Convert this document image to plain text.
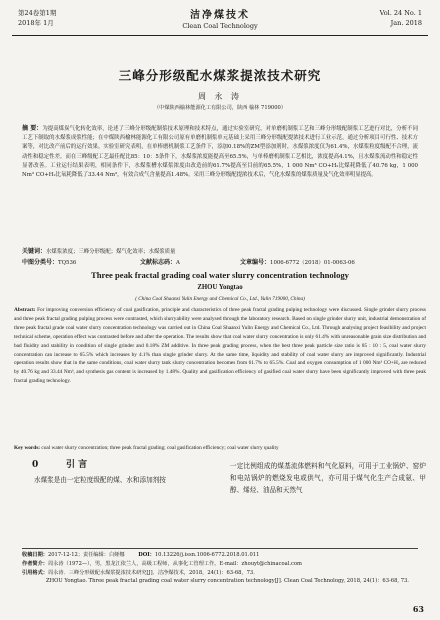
第24卷第1期
2018年 1月
洁净煤技术
Clean Coal Technology
Vol. 24 No. 1
Jan. 2018
三峰分形级配水煤浆提浓技术研究
周 永 涛
（中煤陕西榆林能源化工有限公司，陕西 榆林 719000）
摘 要：为提高煤炭气化转化效率，论述了三峰分形级配制浆技术原理和技术特点，通过实验室研究，对单磨机制浆工艺和三峰分形级配制浆工艺进行对比，分析不同工艺下制取的水煤浆成浆性能；在中煤陕西榆林能源化工有限公司原有单磨机制浆单元基础上采用三峰分形级配提浓技术进行工业示范，通过分析项目可行性、技术方案等，对比改产前后的运行效果。实验室研究表明，在单棒磨机制浆工艺条件下，添加0.18%的ZM型添加剂时，水煤浆浓度仅为61.4%，水煤浆粒度级配不合理，流动性和稳定性差。而在三峰级配工艺最佳配比85：10：5条件下，水煤浆浓度能提高至65.5%，与单棒磨机制浆工艺相比，浓度提高4.1%，且水煤浆流动性和稳定性显著改善。工业运行结果表明，相同条件下，水煤浆槽水煤浆浓度由改造前的61.7%提高至目前的65.5%，1 000 Nm³ CO+H₂比煤耗降低了40.76 kg，1 000 Nm³ CO+H₂比氧耗降低了33.44 Nm³，有效合成气含量提高1.48%。采用三峰分形级配提浓技术后，气化水煤浆的煤浆质量及气化效率明显提高。
关键词：水煤浆浓度；三峰分形级配；煤气化效率；水煤浆质量
中图分类号：TQ536	文献标志码：A	文章编号：1006-6772（2018）01-0063-06
Three peak fractal grading coal water slurry concentration technology
ZHOU Yongtao
( China Coal Shaanxi Yulin Energy and Chemical Co., Ltd., Yulin 719000, China)
Abstract: For improving conversion efficiency of coal gasification, principle and characteristics of three peak fractal grading pulping technology were discussed. Single grinder slurry process and three peak fractal grading pulping process were contrasted, which slurryability were analysed through the laboratory research. Based on single grinder slurry unit, industrial demonstration of three peak fractal grade coal water slurry concentration technology was carried out in China Coal Shaanxi Yulin Energy and Chemical Co., Ltd. Through analysing project feasibility and project technical scheme, operation effect was contrasted before and after the operation. The results show that coal water slurry concentration is only 61.4% with unreasonable grain size distribution and bad fluidity and stability in condition of single grinder and 0.18% ZM additive. In three peak grading process, when the best three peak particle size ratio is 85 : 10 : 5, coal water slurry concentration can increase to 65.5% which increases by 4.1% than single grinder slurry. At the same time, liquidity and stability of coal water slurry are improved significantly. Industrial operation results show that in the same conditions, coal water slurry tank slurry concentration becomes from 61.7% to 65.5%. Coal and oxygen consumption of 1 000 Nm³ CO+H₂ are reduced by 40.76 kg and 33.44 Nm³, and synthesis gas content is increased by 1.48%. Quality and gasification efficiency of gasified coal water slurry have been significantly improved with three peak fractal grading technology.
Key words: coal water slurry concentration; three peak fractal grading; coal gasification efficiency; coal water slurry quality
0	引 言
水煤浆是由一定粒度级配的煤、水和添加剂按
一定比例组成的煤基流体燃料和气化原料，可用于工业锅炉、窑炉和电站锅炉的燃烧发电或供气，亦可用于煤气化生产合成氨、甲醇、烯烃、油品和天然气
收稿日期：2017-12-12；责任编辑：白娅娜	DOI：10.13226/j.issn.1006-6772.2018.01.011
作者简介：周永涛（1972—），男，黑龙江依兰人，高级工程师，从事化工管理工作。E-mail：zhouyt@chinacoal.com
引用格式：周永涛．三峰分形级配水煤浆提浓技术研究[J]．洁净煤技术，2018，24(1)：63-68，73．
ZHOU Yongtao. Three peak fractal grading coal water slurry concentration technology[J]. Clean Coal Technology, 2018, 24(1)：63-68, 73.
63
